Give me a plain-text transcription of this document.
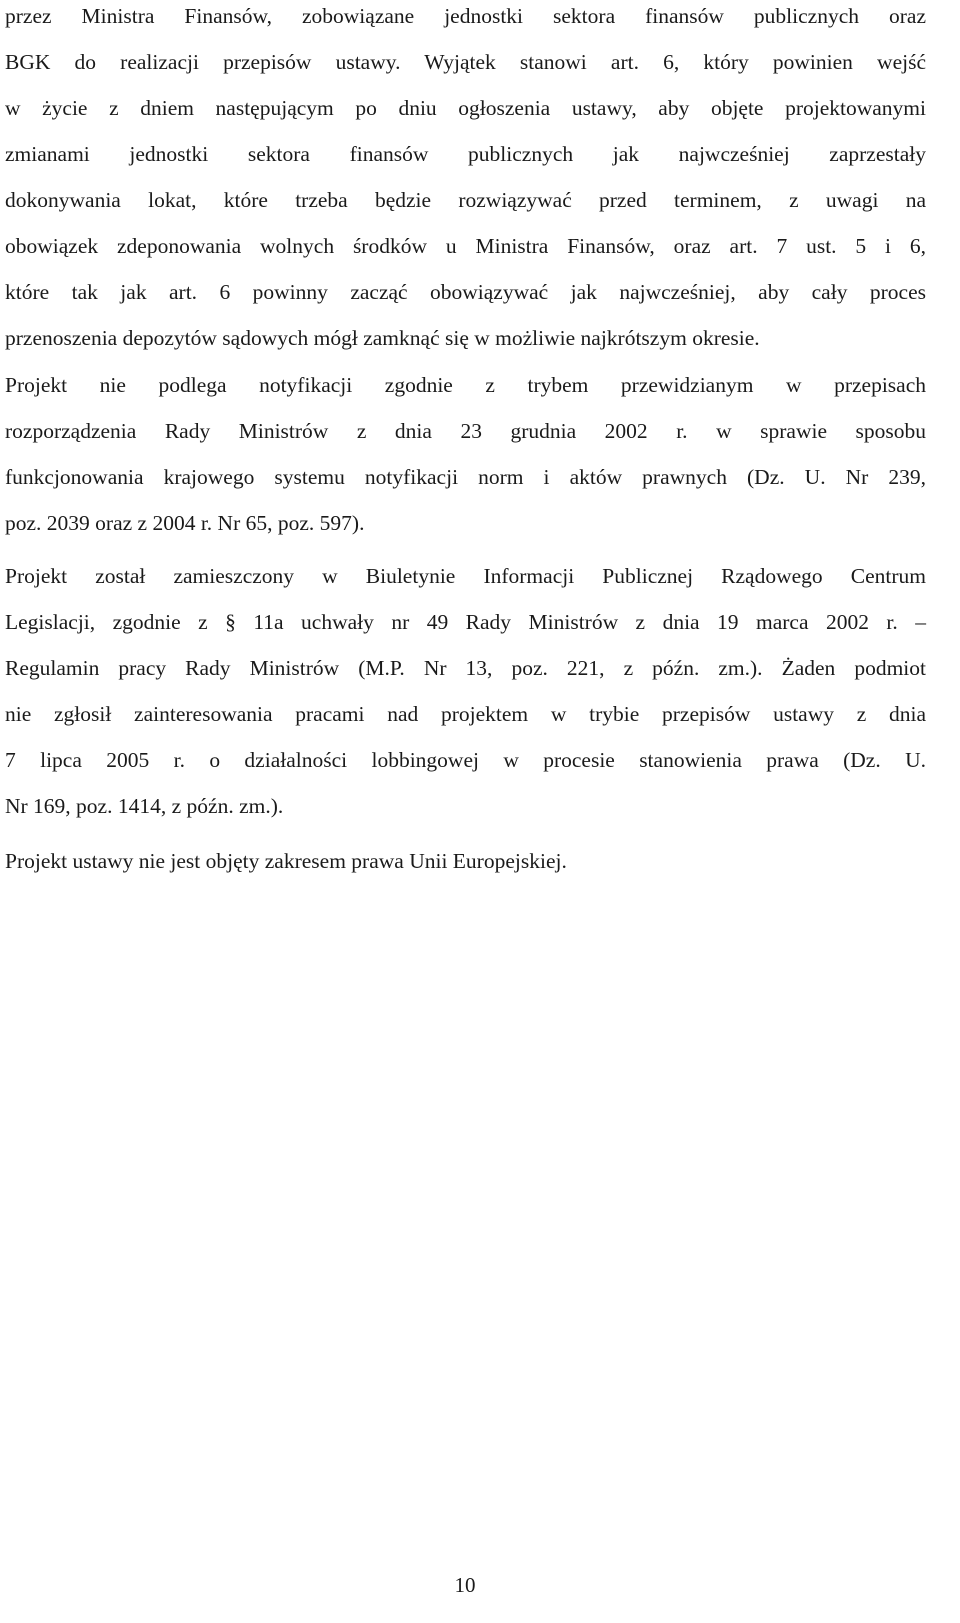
przez Ministra Finansów, zobowiązane jednostki sektora finansów publicznych oraz
BGK do realizacji przepisów ustawy. Wyjątek stanowi art. 6, który powinien wejść
w życie z dniem następującym po dniu ogłoszenia ustawy, aby objęte projektowanymi
zmianami jednostki sektora finansów publicznych jak najwcześniej zaprzestały
dokonywania lokat, które trzeba będzie rozwiązywać przed terminem, z uwagi na
obowiązek zdeponowania wolnych środków u Ministra Finansów, oraz art. 7 ust. 5 i 6,
które tak jak art. 6 powinny zacząć obowiązywać jak najwcześniej, aby cały proces
przenoszenia depozytów sądowych mógł zamknąć się w możliwie najkrótszym okresie.
Projekt nie podlega notyfikacji zgodnie z trybem przewidzianym w przepisach
rozporządzenia Rady Ministrów z dnia 23 grudnia 2002 r. w sprawie sposobu
funkcjonowania krajowego systemu notyfikacji norm i aktów prawnych (Dz. U. Nr 239,
poz. 2039 oraz z 2004 r. Nr 65, poz. 597).
Projekt został zamieszczony w Biuletynie Informacji Publicznej Rządowego Centrum
Legislacji, zgodnie z § 11a uchwały nr 49 Rady Ministrów z dnia 19 marca 2002 r. –
Regulamin pracy Rady Ministrów (M.P. Nr 13, poz. 221, z późn. zm.). Żaden podmiot
nie zgłosił zainteresowania pracami nad projektem w trybie przepisów ustawy z dnia
7 lipca 2005 r. o działalności lobbingowej w procesie stanowienia prawa (Dz. U.
Nr 169, poz. 1414, z późn. zm.).
Projekt ustawy nie jest objęty zakresem prawa Unii Europejskiej.
10
